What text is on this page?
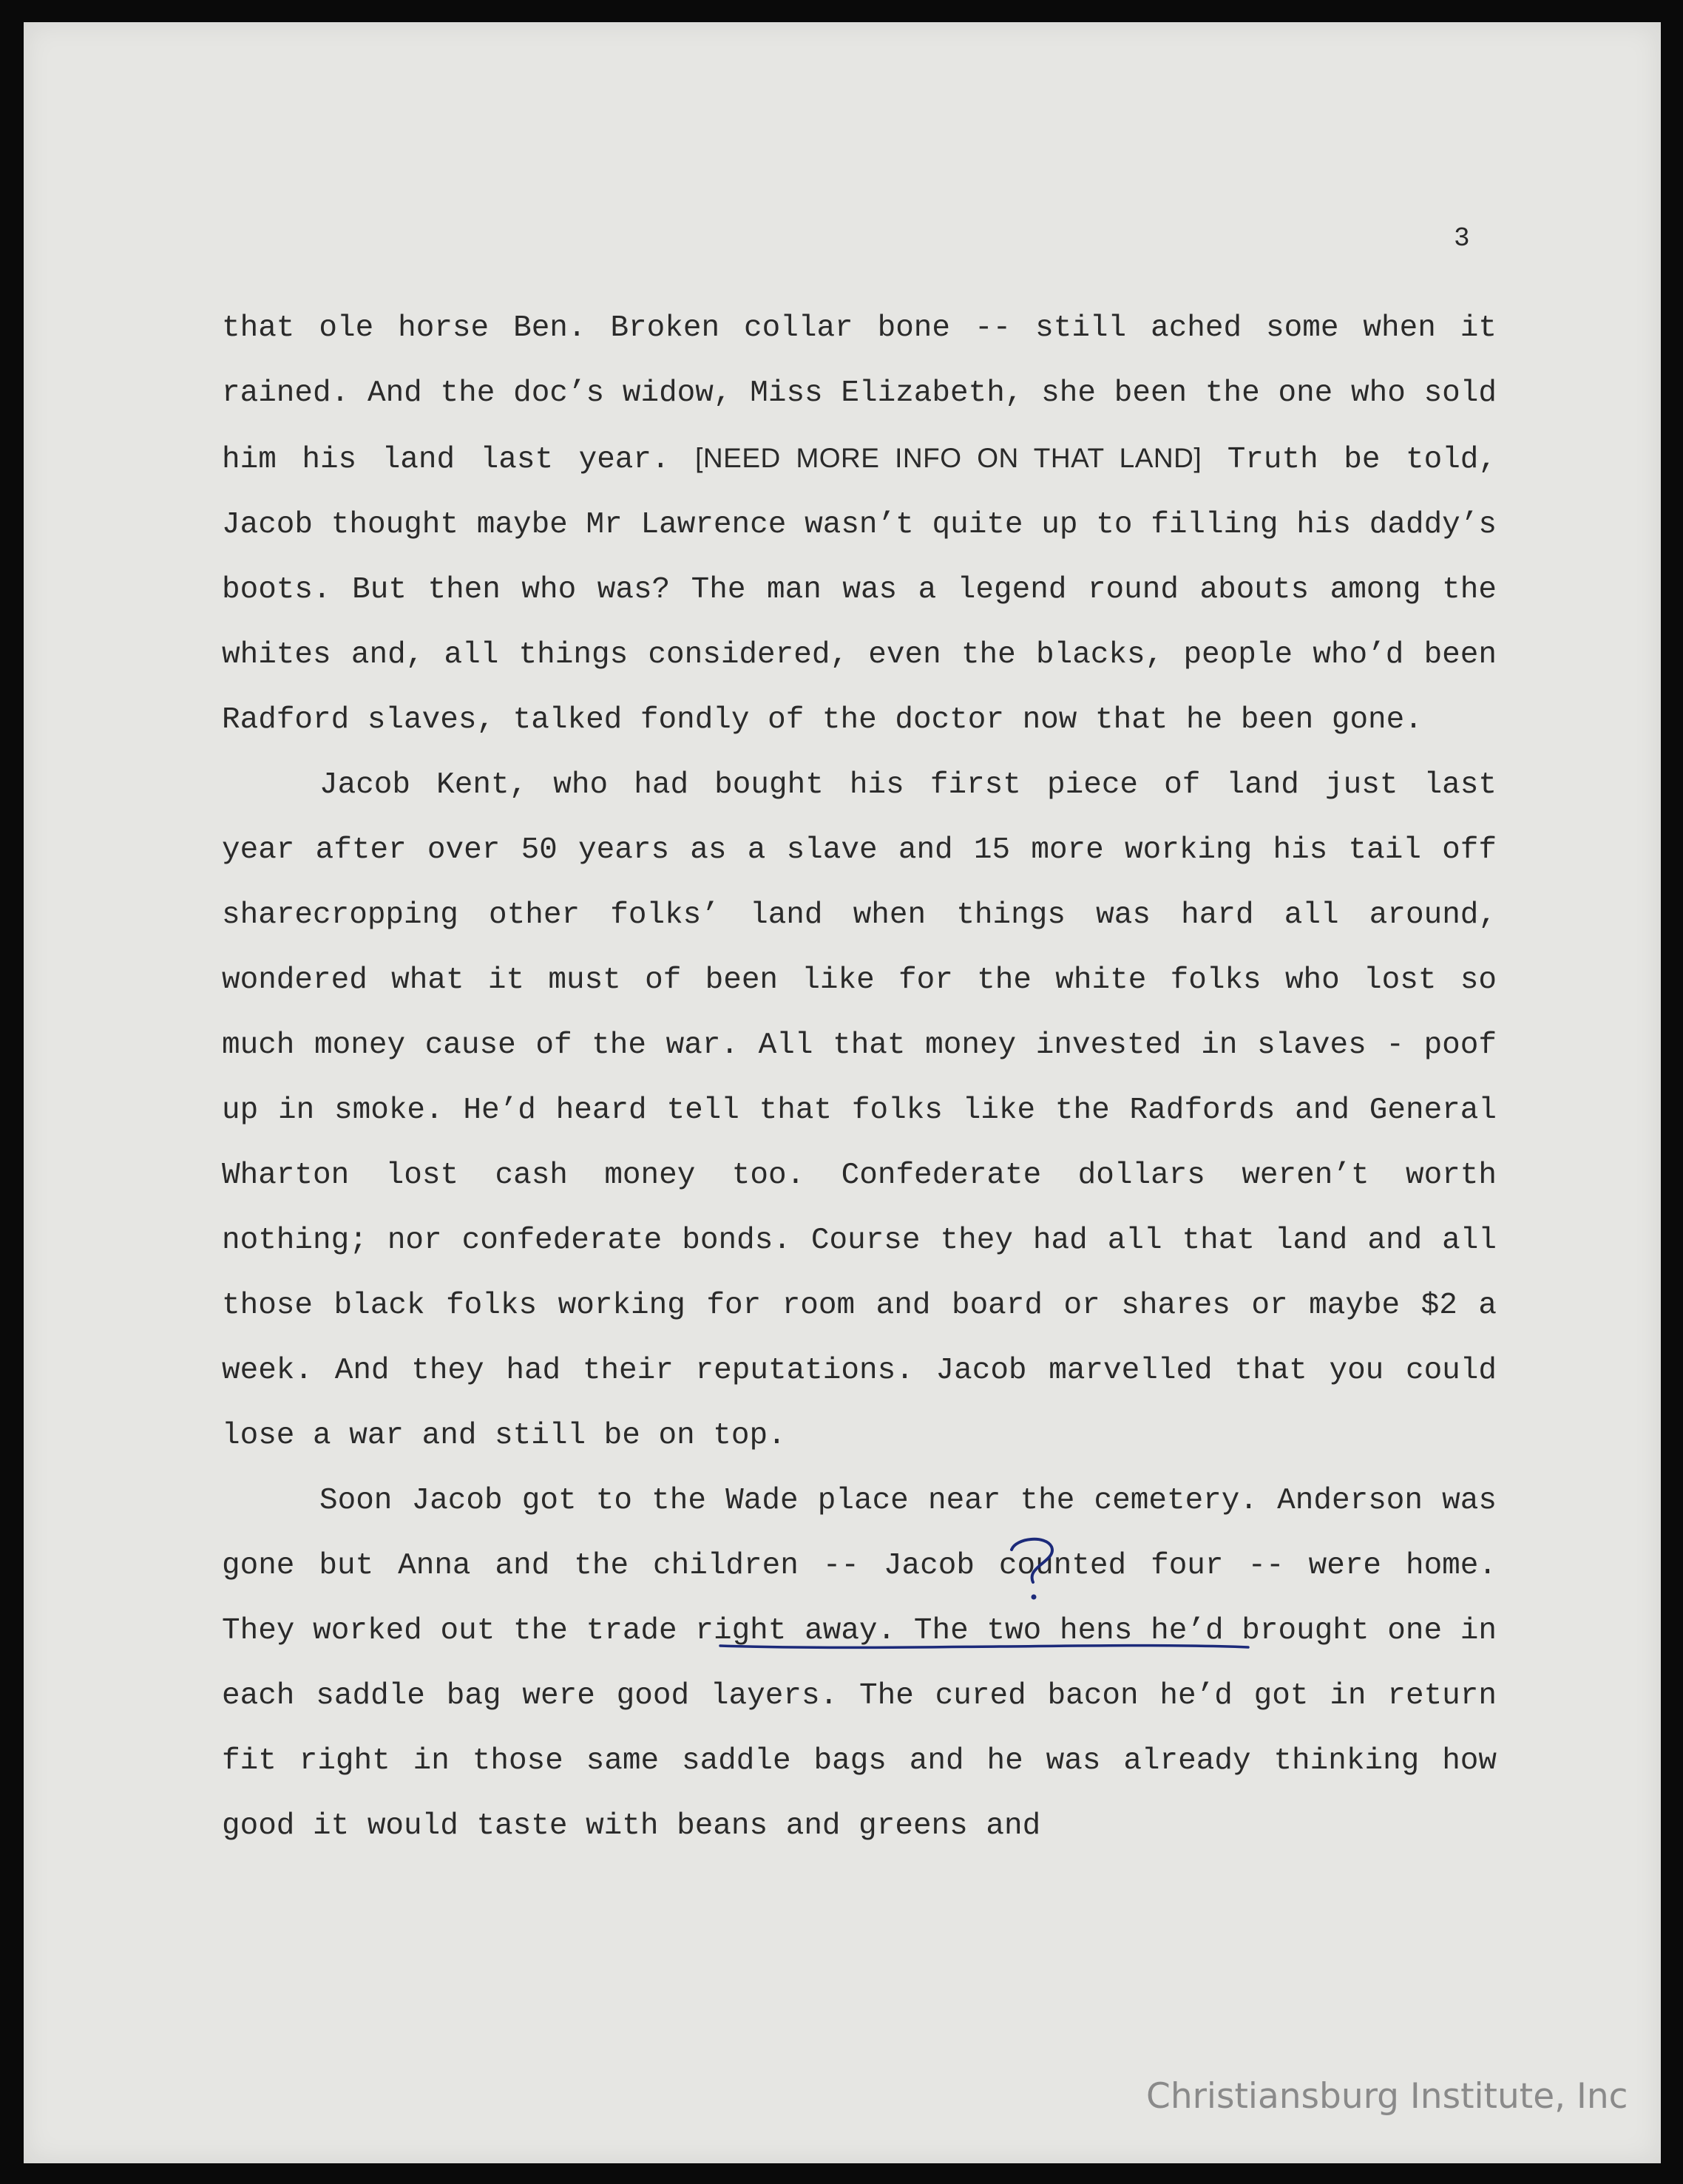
3

that ole horse Ben. Broken collar bone -- still ached some when it rained. And the doc’s widow, Miss Elizabeth, she been the one who sold him his land last year. [NEED MORE INFO ON THAT LAND] Truth be told, Jacob thought maybe Mr Lawrence wasn’t quite up to filling his daddy’s boots. But then who was? The man was a legend round abouts among the whites and, all things considered, even the blacks, people who’d been Radford slaves, talked fondly of the doctor now that he been gone.

Jacob Kent, who had bought his first piece of land just last year after over 50 years as a slave and 15 more working his tail off sharecropping other folks’ land when things was hard all around, wondered what it must of been like for the white folks who lost so much money cause of the war. All that money invested in slaves - poof up in smoke. He’d heard tell that folks like the Radfords and General Wharton lost cash money too. Confederate dollars weren’t worth nothing; nor confederate bonds. Course they had all that land and all those black folks working for room and board or shares or maybe $2 a week. And they had their reputations. Jacob marvelled that you could lose a war and still be on top.

Soon Jacob got to the Wade place near the cemetery. Anderson was gone but Anna and the children -- Jacob counted four -- were home. They worked out the trade right away. The two hens he’d brought one in each saddle bag were good layers. The cured bacon he’d got in return fit right in those same saddle bags and he was already thinking how good it would taste with beans and greens and

Christiansburg Institute, Inc
